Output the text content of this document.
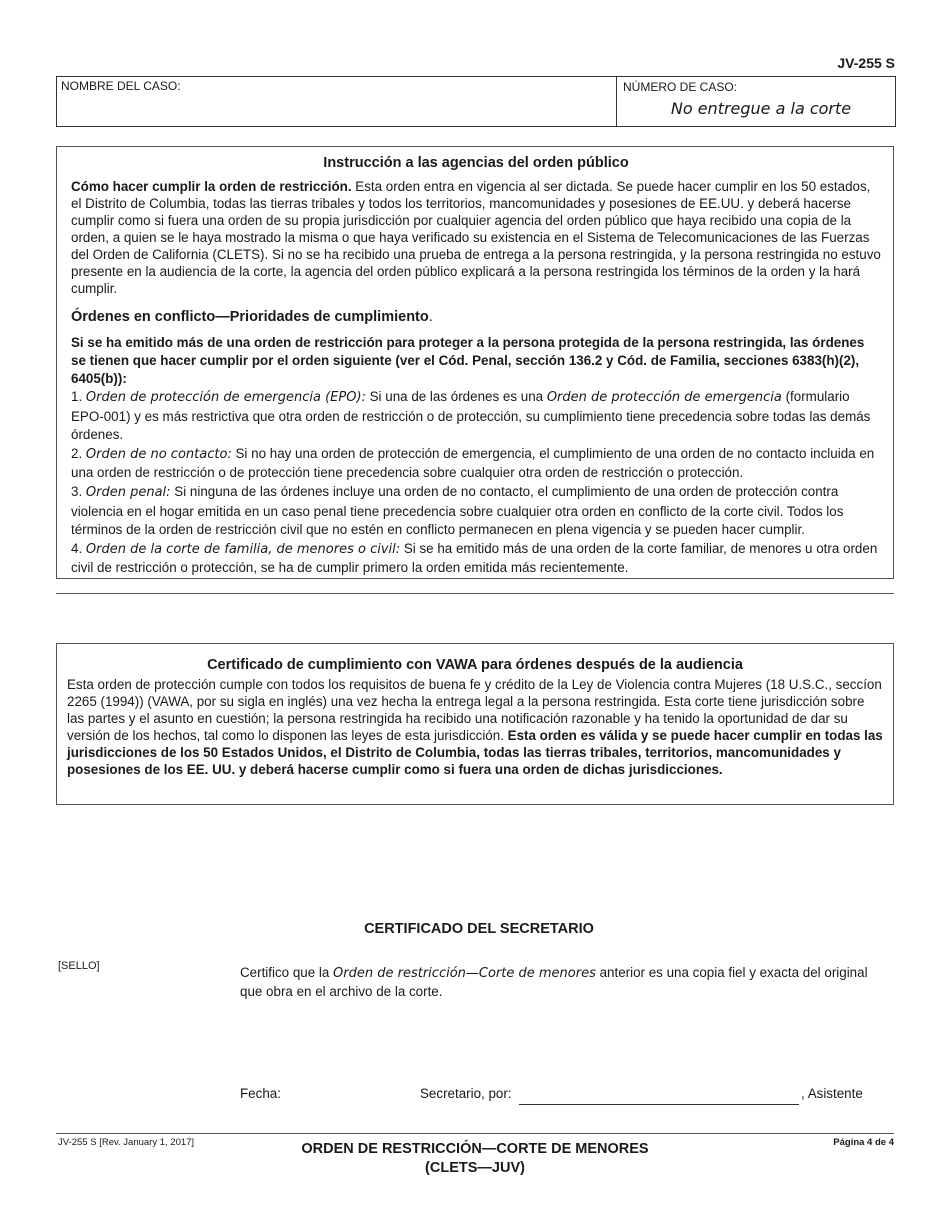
JV-255 S
NOMBRE DEL CASO:	NÚMERO DE CASO:
No entregue a la corte
Instrucción a las agencias del orden público

Cómo hacer cumplir la orden de restricción. Esta orden entra en vigencia al ser dictada. Se puede hacer cumplir en los 50 estados, el Distrito de Columbia, todas las tierras tribales y todos los territorios, mancomunidades y posesiones de EE.UU. y deberá hacerse cumplir como si fuera una orden de su propia jurisdicción por cualquier agencia del orden público que haya recibido una copia de la orden, a quien se le haya mostrado la misma o que haya verificado su existencia en el Sistema de Telecomunicaciones de las Fuerzas del Orden de California (CLETS). Si no se ha recibido una prueba de entrega a la persona restringida, y la persona restringida no estuvo presente en la audiencia de la corte, la agencia del orden público explicará a la persona restringida los términos de la orden y la hará cumplir.

Órdenes en conflicto—Prioridades de cumplimiento.

Si se ha emitido más de una orden de restricción para proteger a la persona protegida de la persona restringida, las órdenes se tienen que hacer cumplir por el orden siguiente (ver el Cód. Penal, sección 136.2 y Cód. de Familia, secciones 6383(h)(2), 6405(b)):

1. Orden de protección de emergencia (EPO): Si una de las órdenes es una Orden de protección de emergencia (formulario EPO-001) y es más restrictiva que otra orden de restricción o de protección, su cumplimiento tiene precedencia sobre todas las demás órdenes.
2. Orden de no contacto: Si no hay una orden de protección de emergencia, el cumplimiento de una orden de no contacto incluida en una orden de restricción o de protección tiene precedencia sobre cualquier otra orden de restricción o protección.
3. Orden penal: Si ninguna de las órdenes incluye una orden de no contacto, el cumplimiento de una orden de protección contra violencia en el hogar emitida en un caso penal tiene precedencia sobre cualquier otra orden en conflicto de la corte civil. Todos los términos de la orden de restricción civil que no estén en conflicto permanecen en plena vigencia y se pueden hacer cumplir.
4. Orden de la corte de familia, de menores o civil: Si se ha emitido más de una orden de la corte familiar, de menores u otra orden civil de restricción o protección, se ha de cumplir primero la orden emitida más recientemente.
Certificado de cumplimiento con VAWA para órdenes después de la audiencia

Esta orden de protección cumple con todos los requisitos de buena fe y crédito de la Ley de Violencia contra Mujeres (18 U.S.C., seccíon 2265 (1994)) (VAWA, por su sigla en inglés) una vez hecha la entrega legal a la persona restringida. Esta corte tiene jurisdicción sobre las partes y el asunto en cuestión; la persona restringida ha recibido una notificación razonable y ha tenido la oportunidad de dar su versión de los hechos, tal como lo disponen las leyes de esta jurisdicción. Esta orden es válida y se puede hacer cumplir en todas las jurisdicciones de los 50 Estados Unidos, el Distrito de Columbia, todas las tierras tribales, territorios, mancomunidades y posesiones de los EE. UU. y deberá hacerse cumplir como si fuera una orden de dichas jurisdicciones.

CERTIFICADO DEL SECRETARIO
[SELLO]	Certifico que la Orden de restricción—Corte de menores anterior es una copia fiel y exacta del original que obra en el archivo de la corte.
Fecha:	Secretario, por:	, Asistente
JV-255 S [Rev. January 1, 2017]	ORDEN DE RESTRICCIÓN—CORTE DE MENORES
(CLETS—JUV)
Página 4 de 4
